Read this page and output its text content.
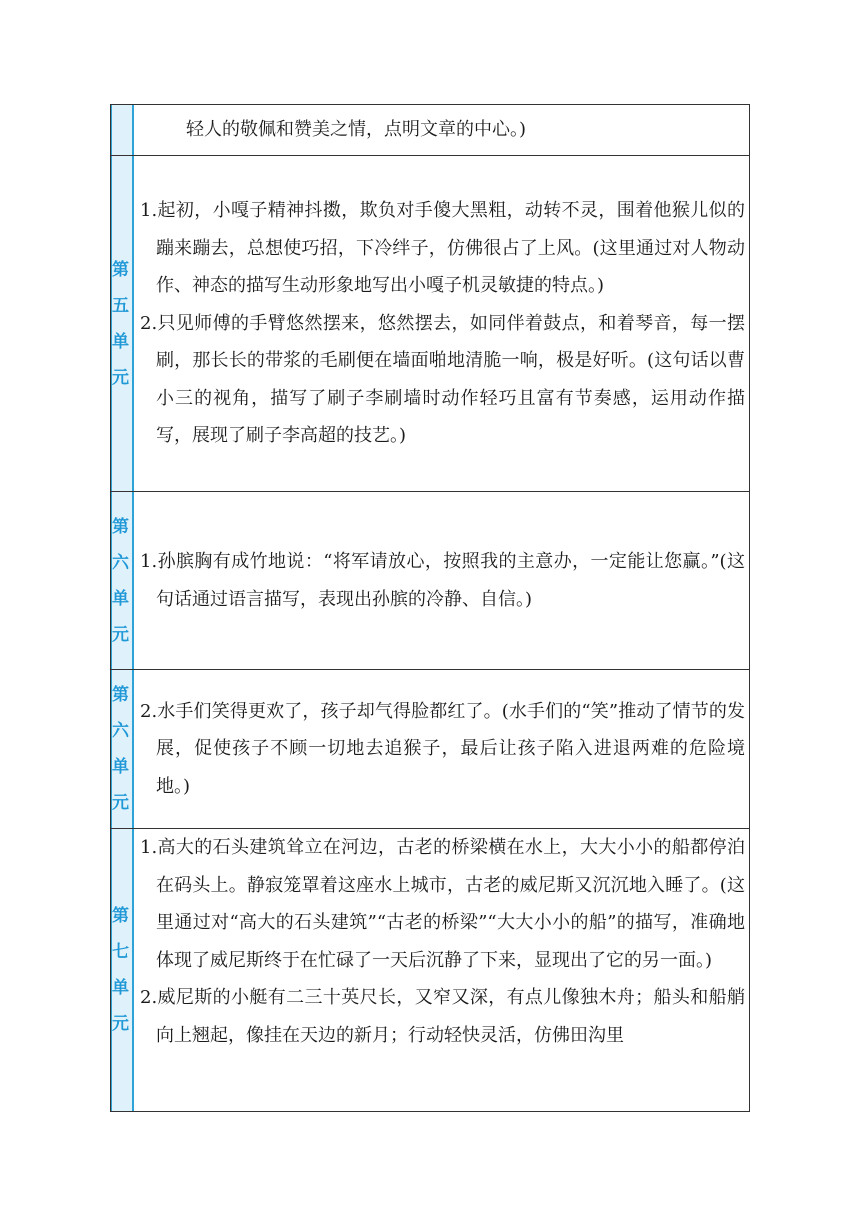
轻人的敬佩和赞美之情，点明文章的中心。)
第五单元
1.起初，小嘎子精神抖擞，欺负对手傻大黑粗，动转不灵，围着他猴儿似的蹦来蹦去，总想使巧招，下冷绊子，仿佛很占了上风。(这里通过对人物动作、神态的描写生动形象地写出小嘎子机灵敏捷的特点。)
2.只见师傅的手臂悠然摆来，悠然摆去，如同伴着鼓点，和着琴音，每一摆刷，那长长的带浆的毛刷便在墙面啪地清脆一响，极是好听。(这句话以曹小三的视角，描写了刷子李刷墙时动作轻巧且富有节奏感，运用动作描写，展现了刷子李高超的技艺。)
第六单元
1.孙膑胸有成竹地说：“将军请放心，按照我的主意办，一定能让您赢。”(这句话通过语言描写，表现出孙膑的冷静、自信。)
第六单元
2.水手们笑得更欢了，孩子却气得脸都红了。(水手们的“笑”推动了情节的发展，促使孩子不顾一切地去追猴子，最后让孩子陷入进退两难的危险境地。)
第七单元
1.高大的石头建筑耸立在河边，古老的桥梁横在水上，大大小小的船都停泊在码头上。静寂笼罩着这座水上城市，古老的威尼斯又沉沉地入睡了。(这里通过对“高大的石头建筑”“古老的桥梁”“大大小小的船”的描写，准确地体现了威尼斯终于在忙碌了一天后沉静了下来，显现出了它的另一面。)
2.威尼斯的小艇有二三十英尺长，又窄又深，有点儿像独木舟；船头和船艄向上翘起，像挂在天边的新月；行动轻快灵活，仿佛田沟里
